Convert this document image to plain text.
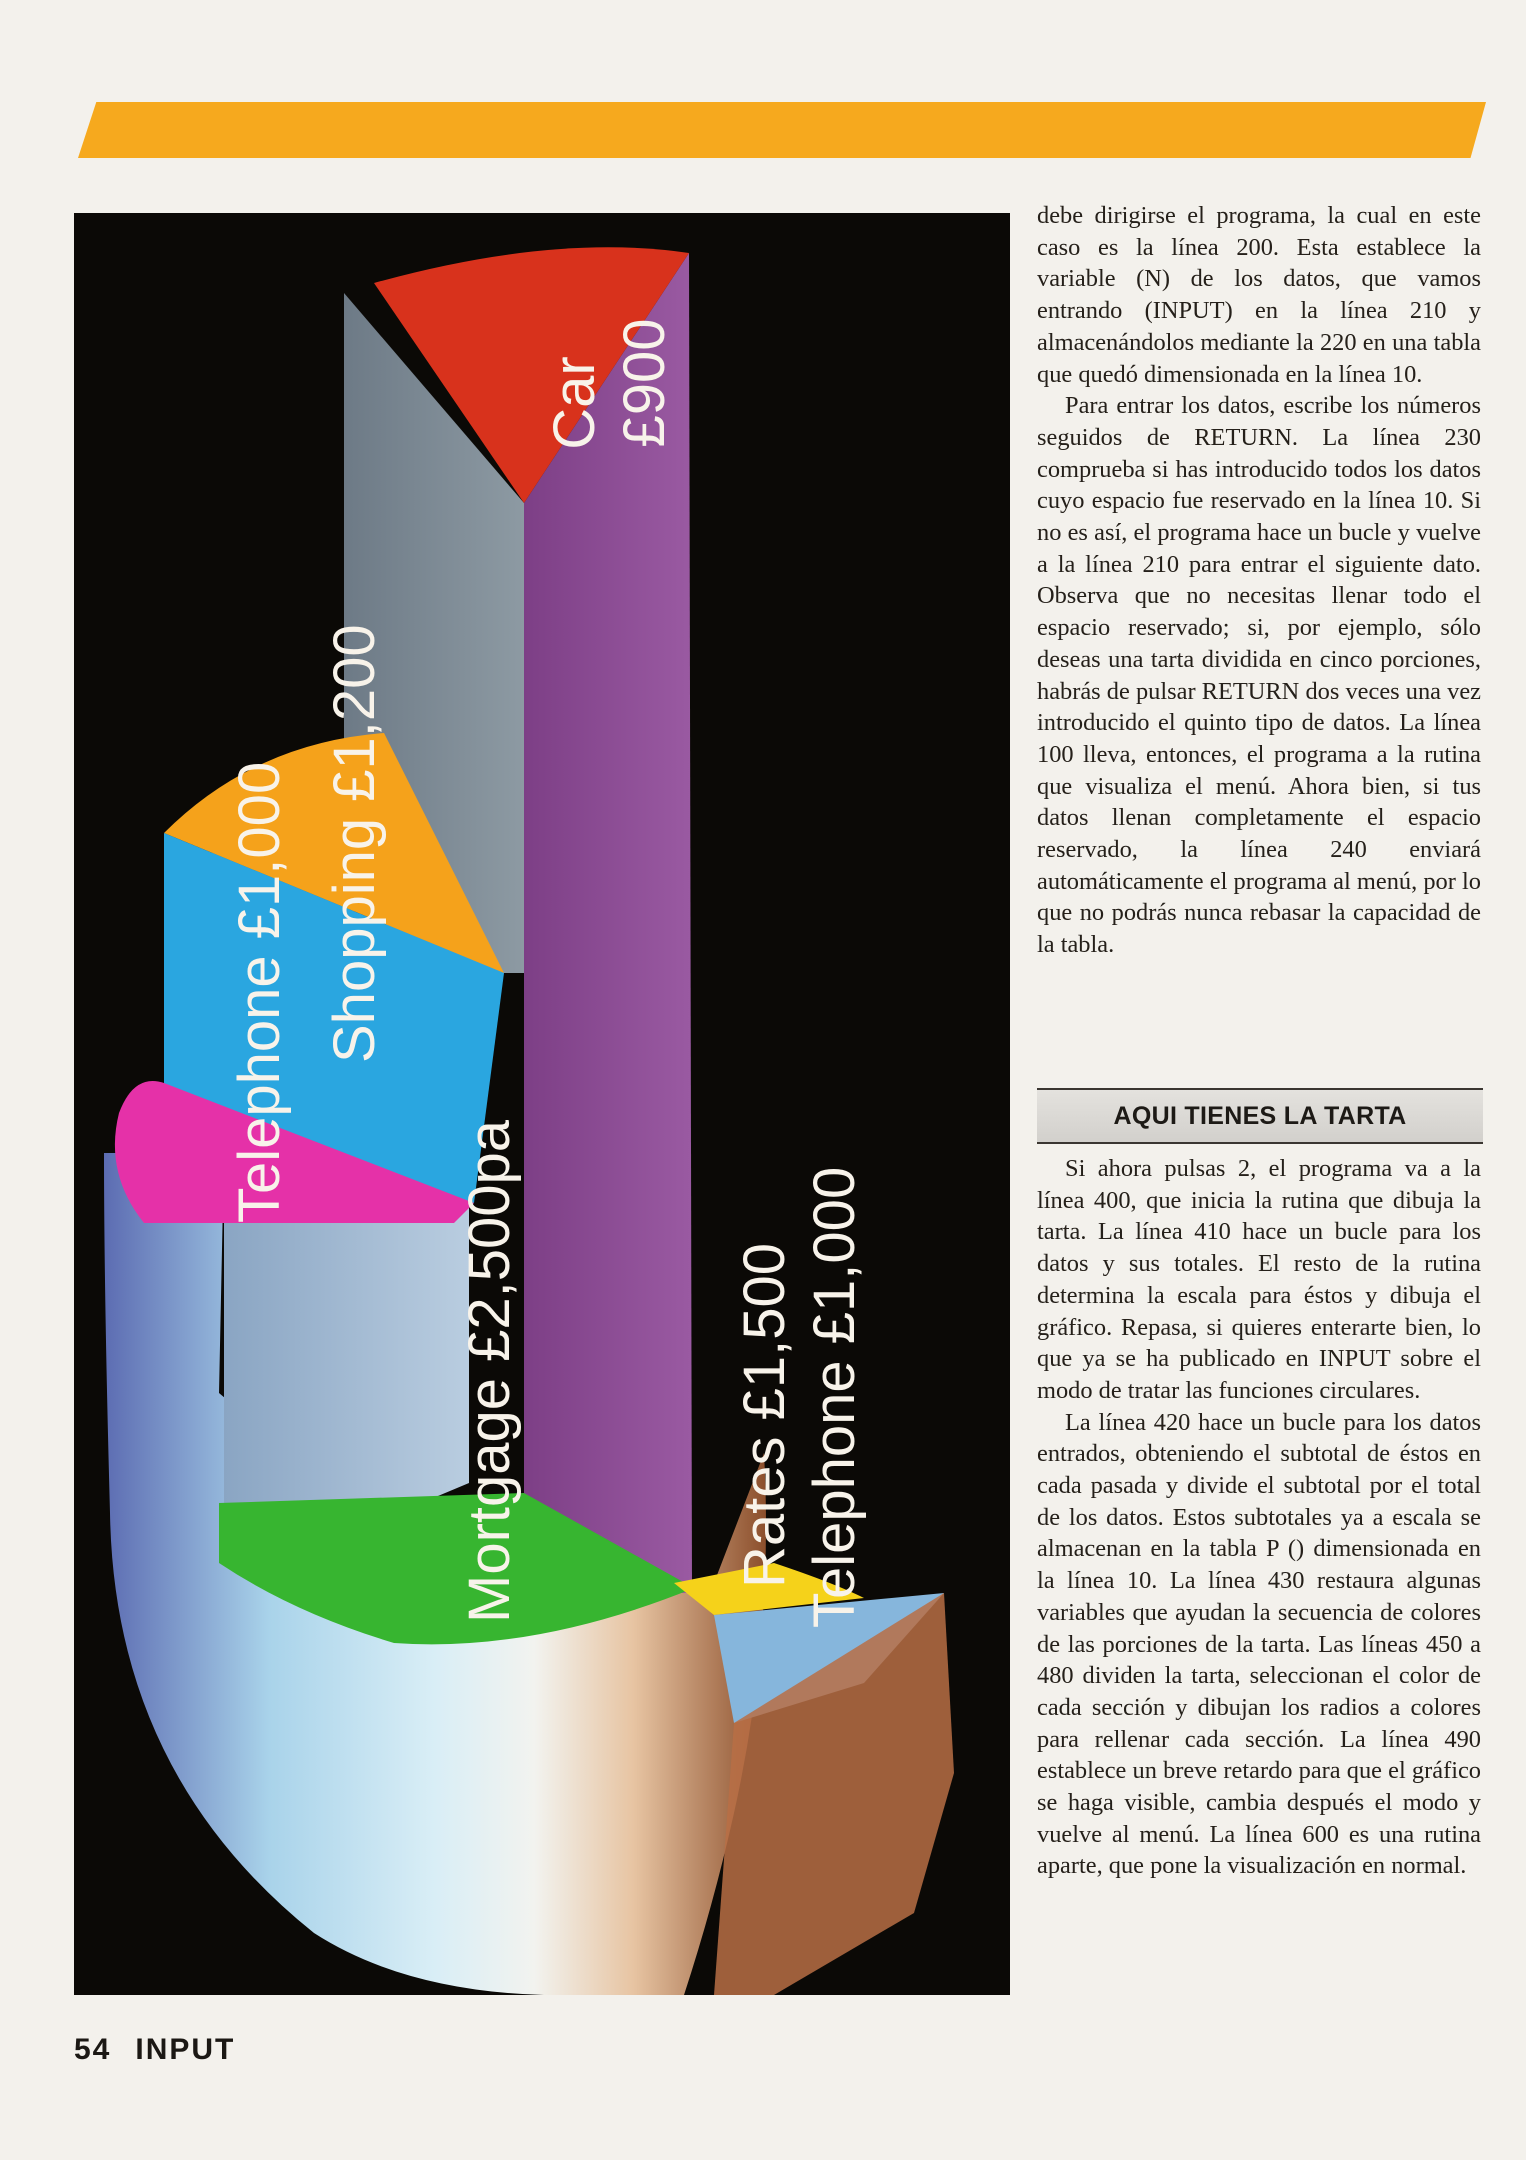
Car £900
Shopping £1,200
Telephone £1,000
Mortgage £2,500pa	Rates £1,500 Telephone £1,000

debe dirigirse el programa, la cual en este caso es la línea 200. Esta establece la variable (N) de los datos, que vamos entrando (INPUT) en la línea 210 y almacenándolos mediante la 220 en una tabla que quedó dimensionada en la línea 10.

Para entrar los datos, escribe los números seguidos de RETURN. La línea 230 comprueba si has introducido todos los datos cuyo espacio fue reservado en la línea 10. Si no es así, el programa hace un bucle y vuelve a la línea 210 para entrar el siguiente dato. Observa que no necesitas llenar todo el espacio reservado; si, por ejemplo, sólo deseas una tarta dividida en cinco porciones, habrás de pulsar RETURN dos veces una vez introducido el quinto tipo de datos. La línea 100 lleva, entonces, el programa a la rutina que visualiza el menú. Ahora bien, si tus datos llenan completamente el espacio reservado, la línea 240 enviará automáticamente el programa al menú, por lo que no podrás nunca rebasar la capacidad de la tabla.

AQUI TIENES LA TARTA

Si ahora pulsas 2, el programa va a la línea 400, que inicia la rutina que dibuja la tarta. La línea 410 hace un bucle para los datos y sus totales. El resto de la rutina determina la escala para éstos y dibuja el gráfico. Repasa, si quieres enterarte bien, lo que ya se ha publicado en INPUT sobre el modo de tratar las funciones circulares.

La línea 420 hace un bucle para los datos entrados, obteniendo el subtotal de éstos en cada pasada y divide el subtotal por el total de los datos. Estos subtotales ya a escala se almacenan en la tabla P () dimensionada en la línea 10. La línea 430 restaura algunas variables que ayudan la secuencia de colores de las porciones de la tarta. Las líneas 450 a 480 dividen la tarta, seleccionan el color de cada sección y dibujan los radios a colores para rellenar cada sección. La línea 490 establece un breve retardo para que el gráfico se haga visible, cambia después el modo y vuelve al menú. La línea 600 es una rutina aparte, que pone la visualización en normal.

54 INPUT
